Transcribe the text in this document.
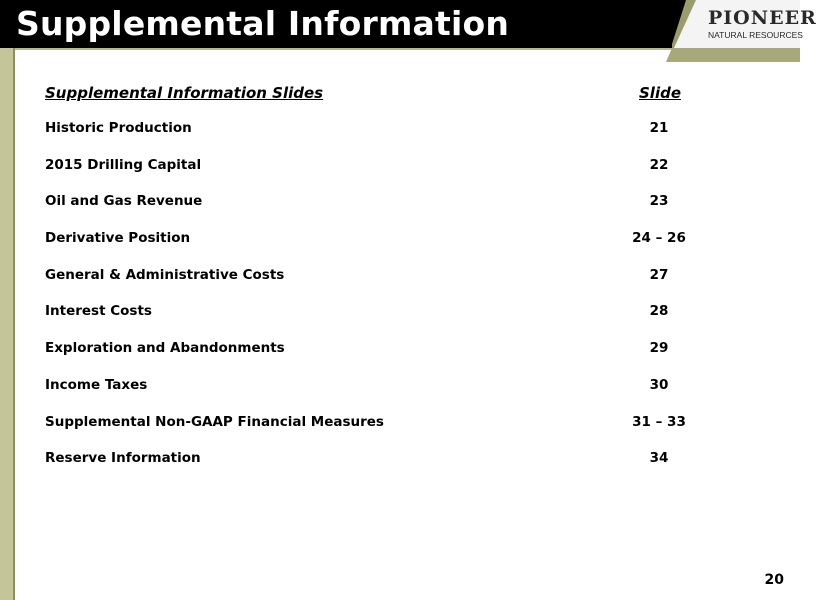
Supplemental Information	PIONEER
NATURAL RESOURCES
Supplemental Information Slides	Slide
Historic Production	21
2015 Drilling Capital	22
Oil and Gas Revenue	23
Derivative Position	24 – 26
General & Administrative Costs	27
Interest Costs	28
Exploration and Abandonments	29
Income Taxes	30
Supplemental Non-GAAP Financial Measures	31 – 33
Reserve Information	34
20
